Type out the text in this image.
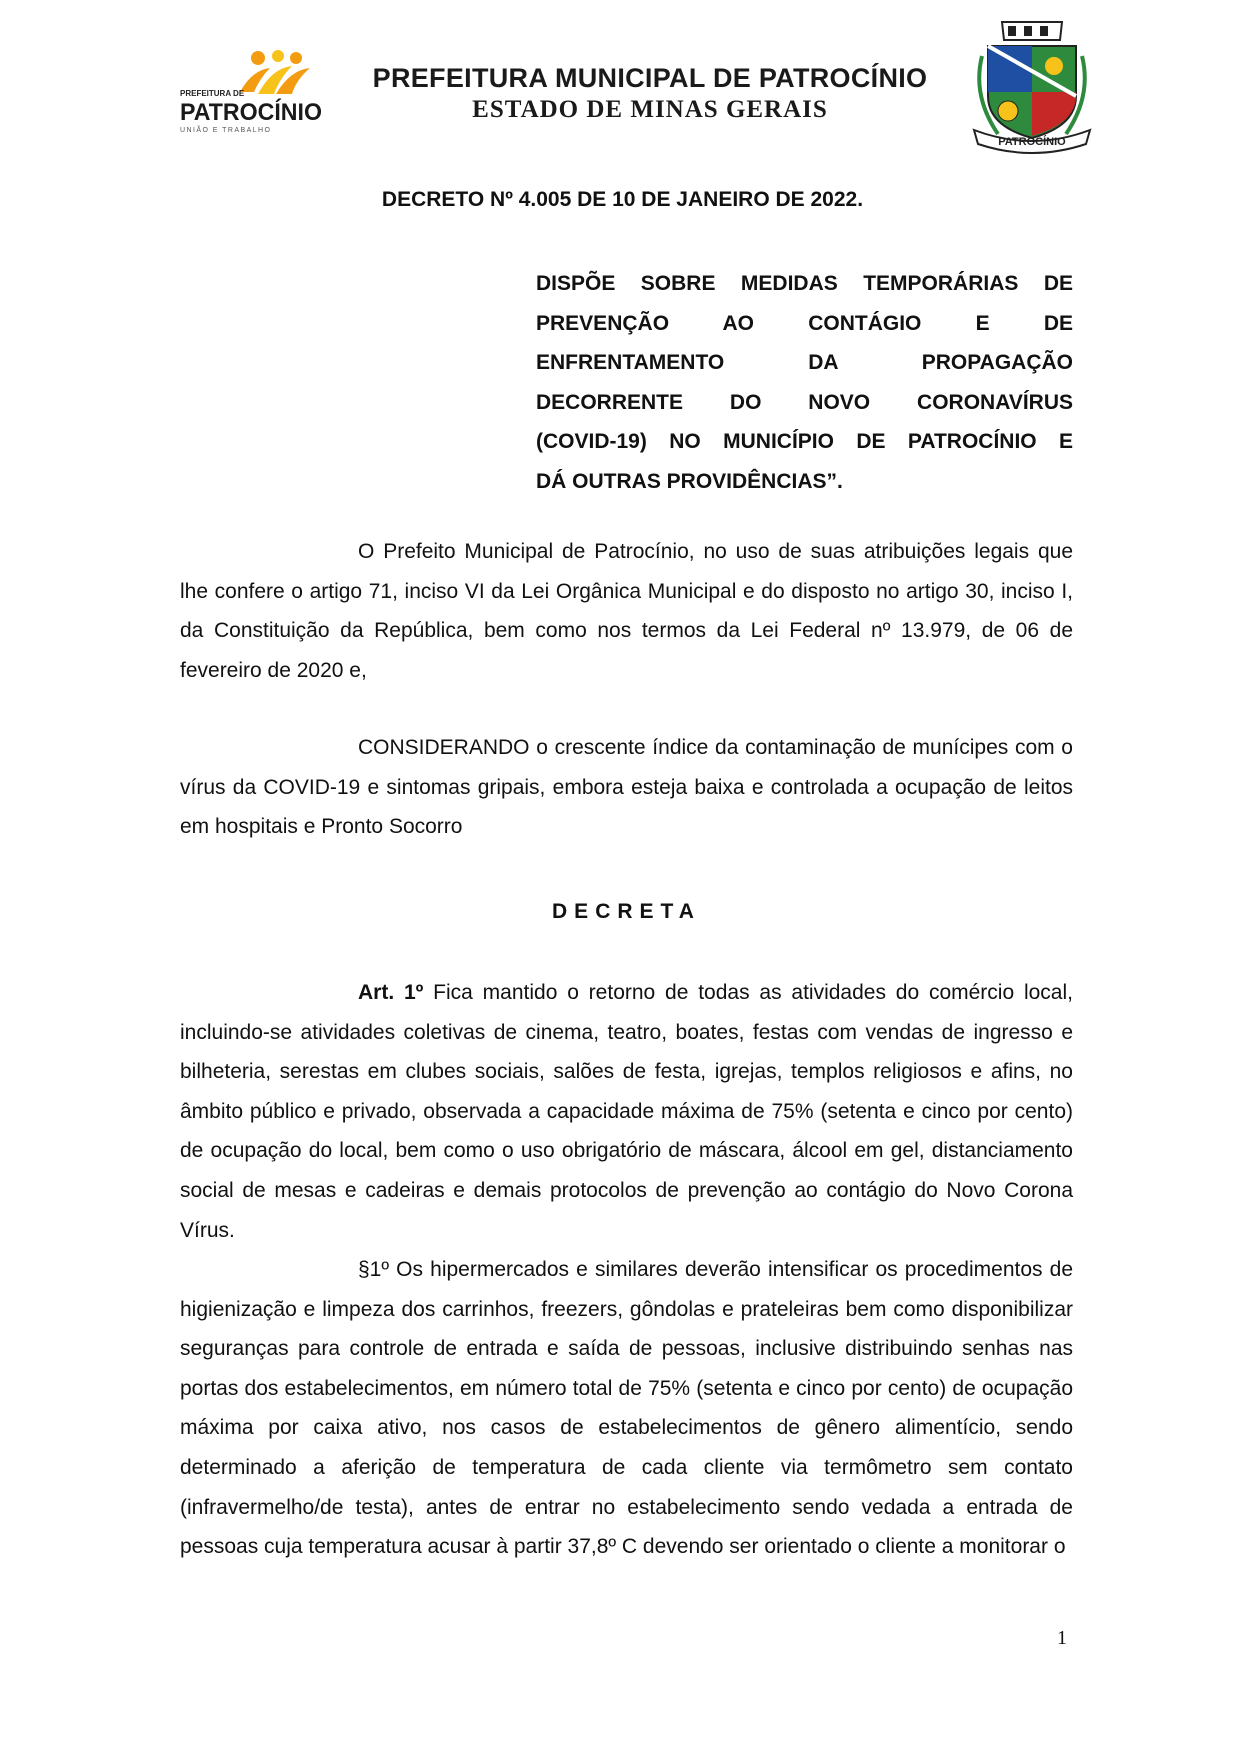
PREFEITURA DE
PATROCÍNIO
UNIÃO E TRABALHO
PREFEITURA MUNICIPAL DE PATROCÍNIO
ESTADO DE MINAS GERAIS
PATROCÍNIO
DECRETO Nº 4.005 DE 10 DE JANEIRO DE 2022.
DISPÕE SOBRE MEDIDAS TEMPORÁRIAS DE
PREVENÇÃO AO CONTÁGIO E DE
ENFRENTAMENTO DA PROPAGAÇÃO
DECORRENTE DO NOVO CORONAVÍRUS
(COVID-19) NO MUNICÍPIO DE PATROCÍNIO E
DÁ OUTRAS PROVIDÊNCIAS”.
O Prefeito Municipal de Patrocínio, no uso de suas atribuições legais que lhe confere o artigo 71, inciso VI da Lei Orgânica Municipal e do disposto no artigo 30, inciso I, da Constituição da República, bem como nos termos da Lei Federal nº 13.979, de 06 de fevereiro de 2020 e,
CONSIDERANDO o crescente índice da contaminação de munícipes com o vírus da COVID-19 e sintomas gripais, embora esteja baixa e controlada a ocupação de leitos em hospitais e Pronto Socorro
DECRETA
Art. 1º Fica mantido o retorno de todas as atividades do comércio local, incluindo-se atividades coletivas de cinema, teatro, boates, festas com vendas de ingresso e bilheteria, serestas em clubes sociais, salões de festa, igrejas, templos religiosos e afins, no âmbito público e privado, observada a capacidade máxima de 75% (setenta e cinco por cento) de ocupação do local, bem como o uso obrigatório de máscara, álcool em gel, distanciamento social de mesas e cadeiras e demais protocolos de prevenção ao contágio do Novo Corona Vírus.
§1º Os hipermercados e similares deverão intensificar os procedimentos de higienização e limpeza dos carrinhos, freezers, gôndolas e prateleiras bem como disponibilizar seguranças para controle de entrada e saída de pessoas, inclusive distribuindo senhas nas portas dos estabelecimentos, em número total de 75% (setenta e cinco por cento) de ocupação máxima por caixa ativo, nos casos de estabelecimentos de gênero alimentício, sendo determinado a aferição de temperatura de cada cliente via termômetro sem contato (infravermelho/de testa), antes de entrar no estabelecimento sendo vedada a entrada de pessoas cuja temperatura acusar à partir 37,8º C devendo ser orientado o cliente a monitorar o
1
